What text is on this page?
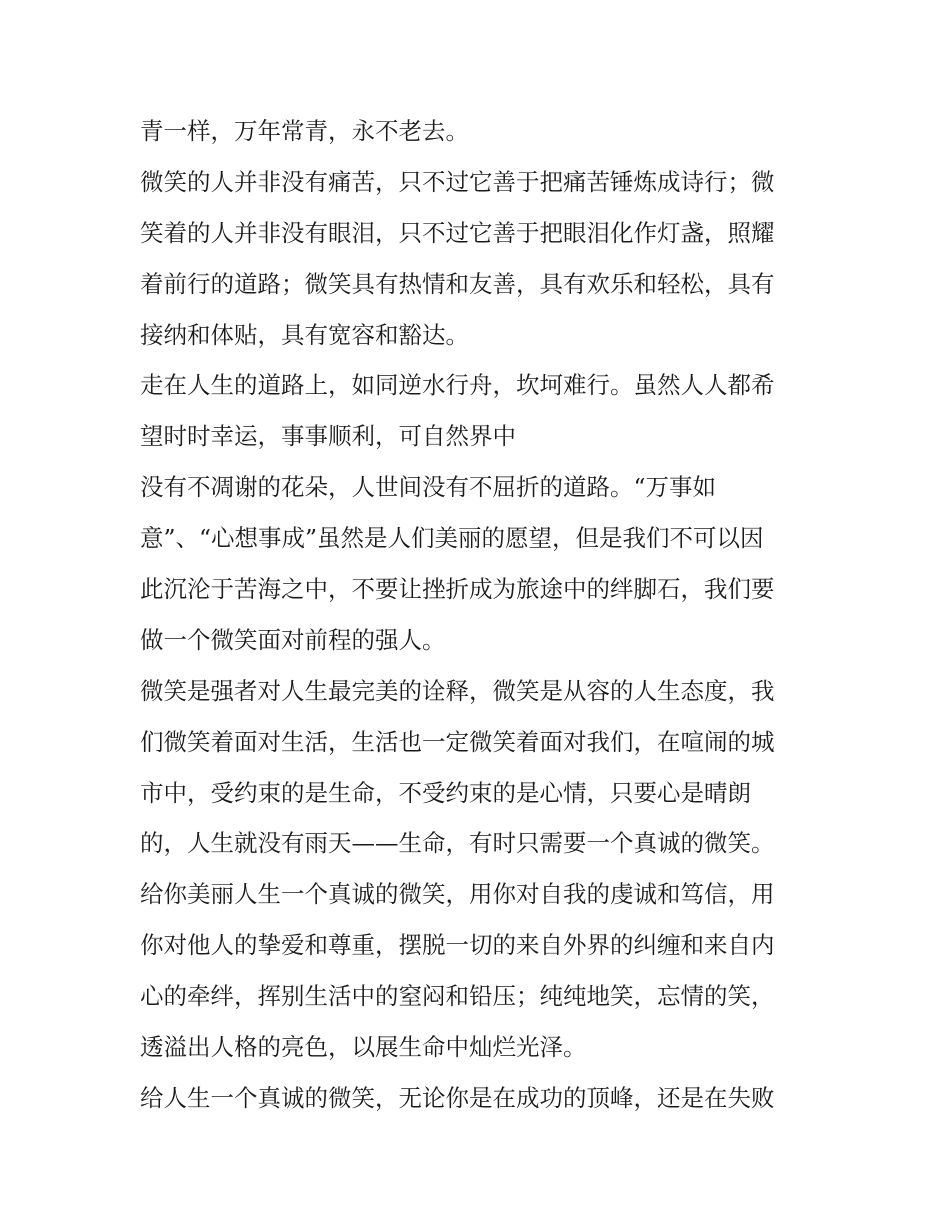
青一样，万年常青，永不老去。
微笑的人并非没有痛苦，只不过它善于把痛苦锤炼成诗行；微
笑着的人并非没有眼泪，只不过它善于把眼泪化作灯盏，照耀
着前行的道路；微笑具有热情和友善，具有欢乐和轻松，具有
接纳和体贴，具有宽容和豁达。
走在人生的道路上，如同逆水行舟，坎坷难行。虽然人人都希
望时时幸运，事事顺利，可自然界中
没有不凋谢的花朵，人世间没有不屈折的道路。“万事如
意”、“心想事成”虽然是人们美丽的愿望，但是我们不可以因
此沉沦于苦海之中，不要让挫折成为旅途中的绊脚石，我们要
做一个微笑面对前程的强人。
微笑是强者对人生最完美的诠释，微笑是从容的人生态度，我
们微笑着面对生活，生活也一定微笑着面对我们，在喧闹的城
市中，受约束的是生命，不受约束的是心情，只要心是晴朗
的，人生就没有雨天——生命，有时只需要一个真诚的微笑。
给你美丽人生一个真诚的微笑，用你对自我的虔诚和笃信，用
你对他人的挚爱和尊重，摆脱一切的来自外界的纠缠和来自内
心的牵绊，挥别生活中的窒闷和铅压；纯纯地笑，忘情的笑，
透溢出人格的亮色，以展生命中灿烂光泽。
给人生一个真诚的微笑，无论你是在成功的顶峰，还是在失败
